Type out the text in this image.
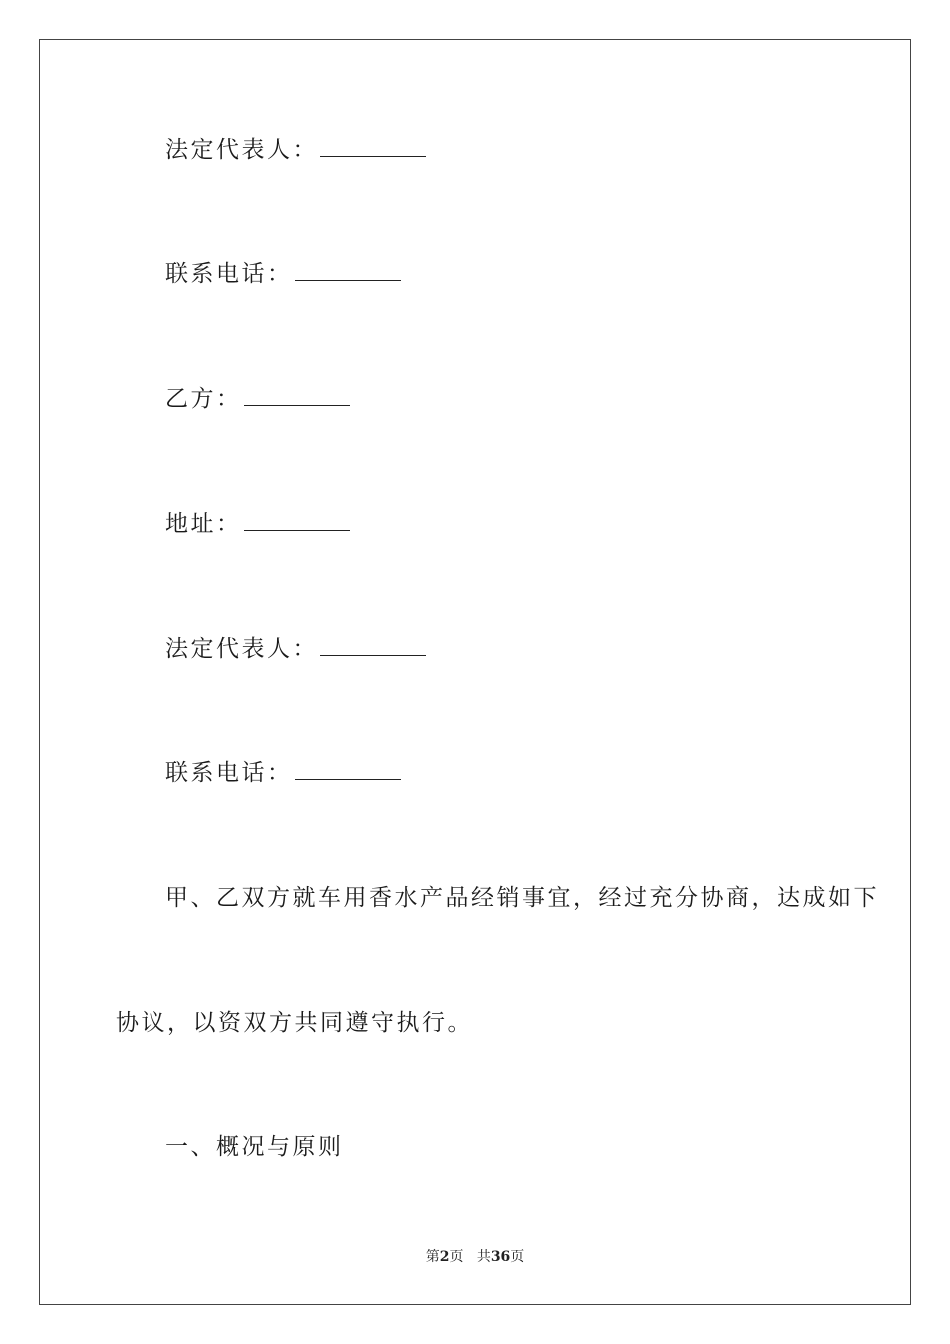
法定代表人：
联系电话：
乙方：
地址：
法定代表人：
联系电话：
甲、乙双方就车用香水产品经销事宜，经过充分协商，达成如下
协议，以资双方共同遵守执行。
一、概况与原则
第2页 共36页
